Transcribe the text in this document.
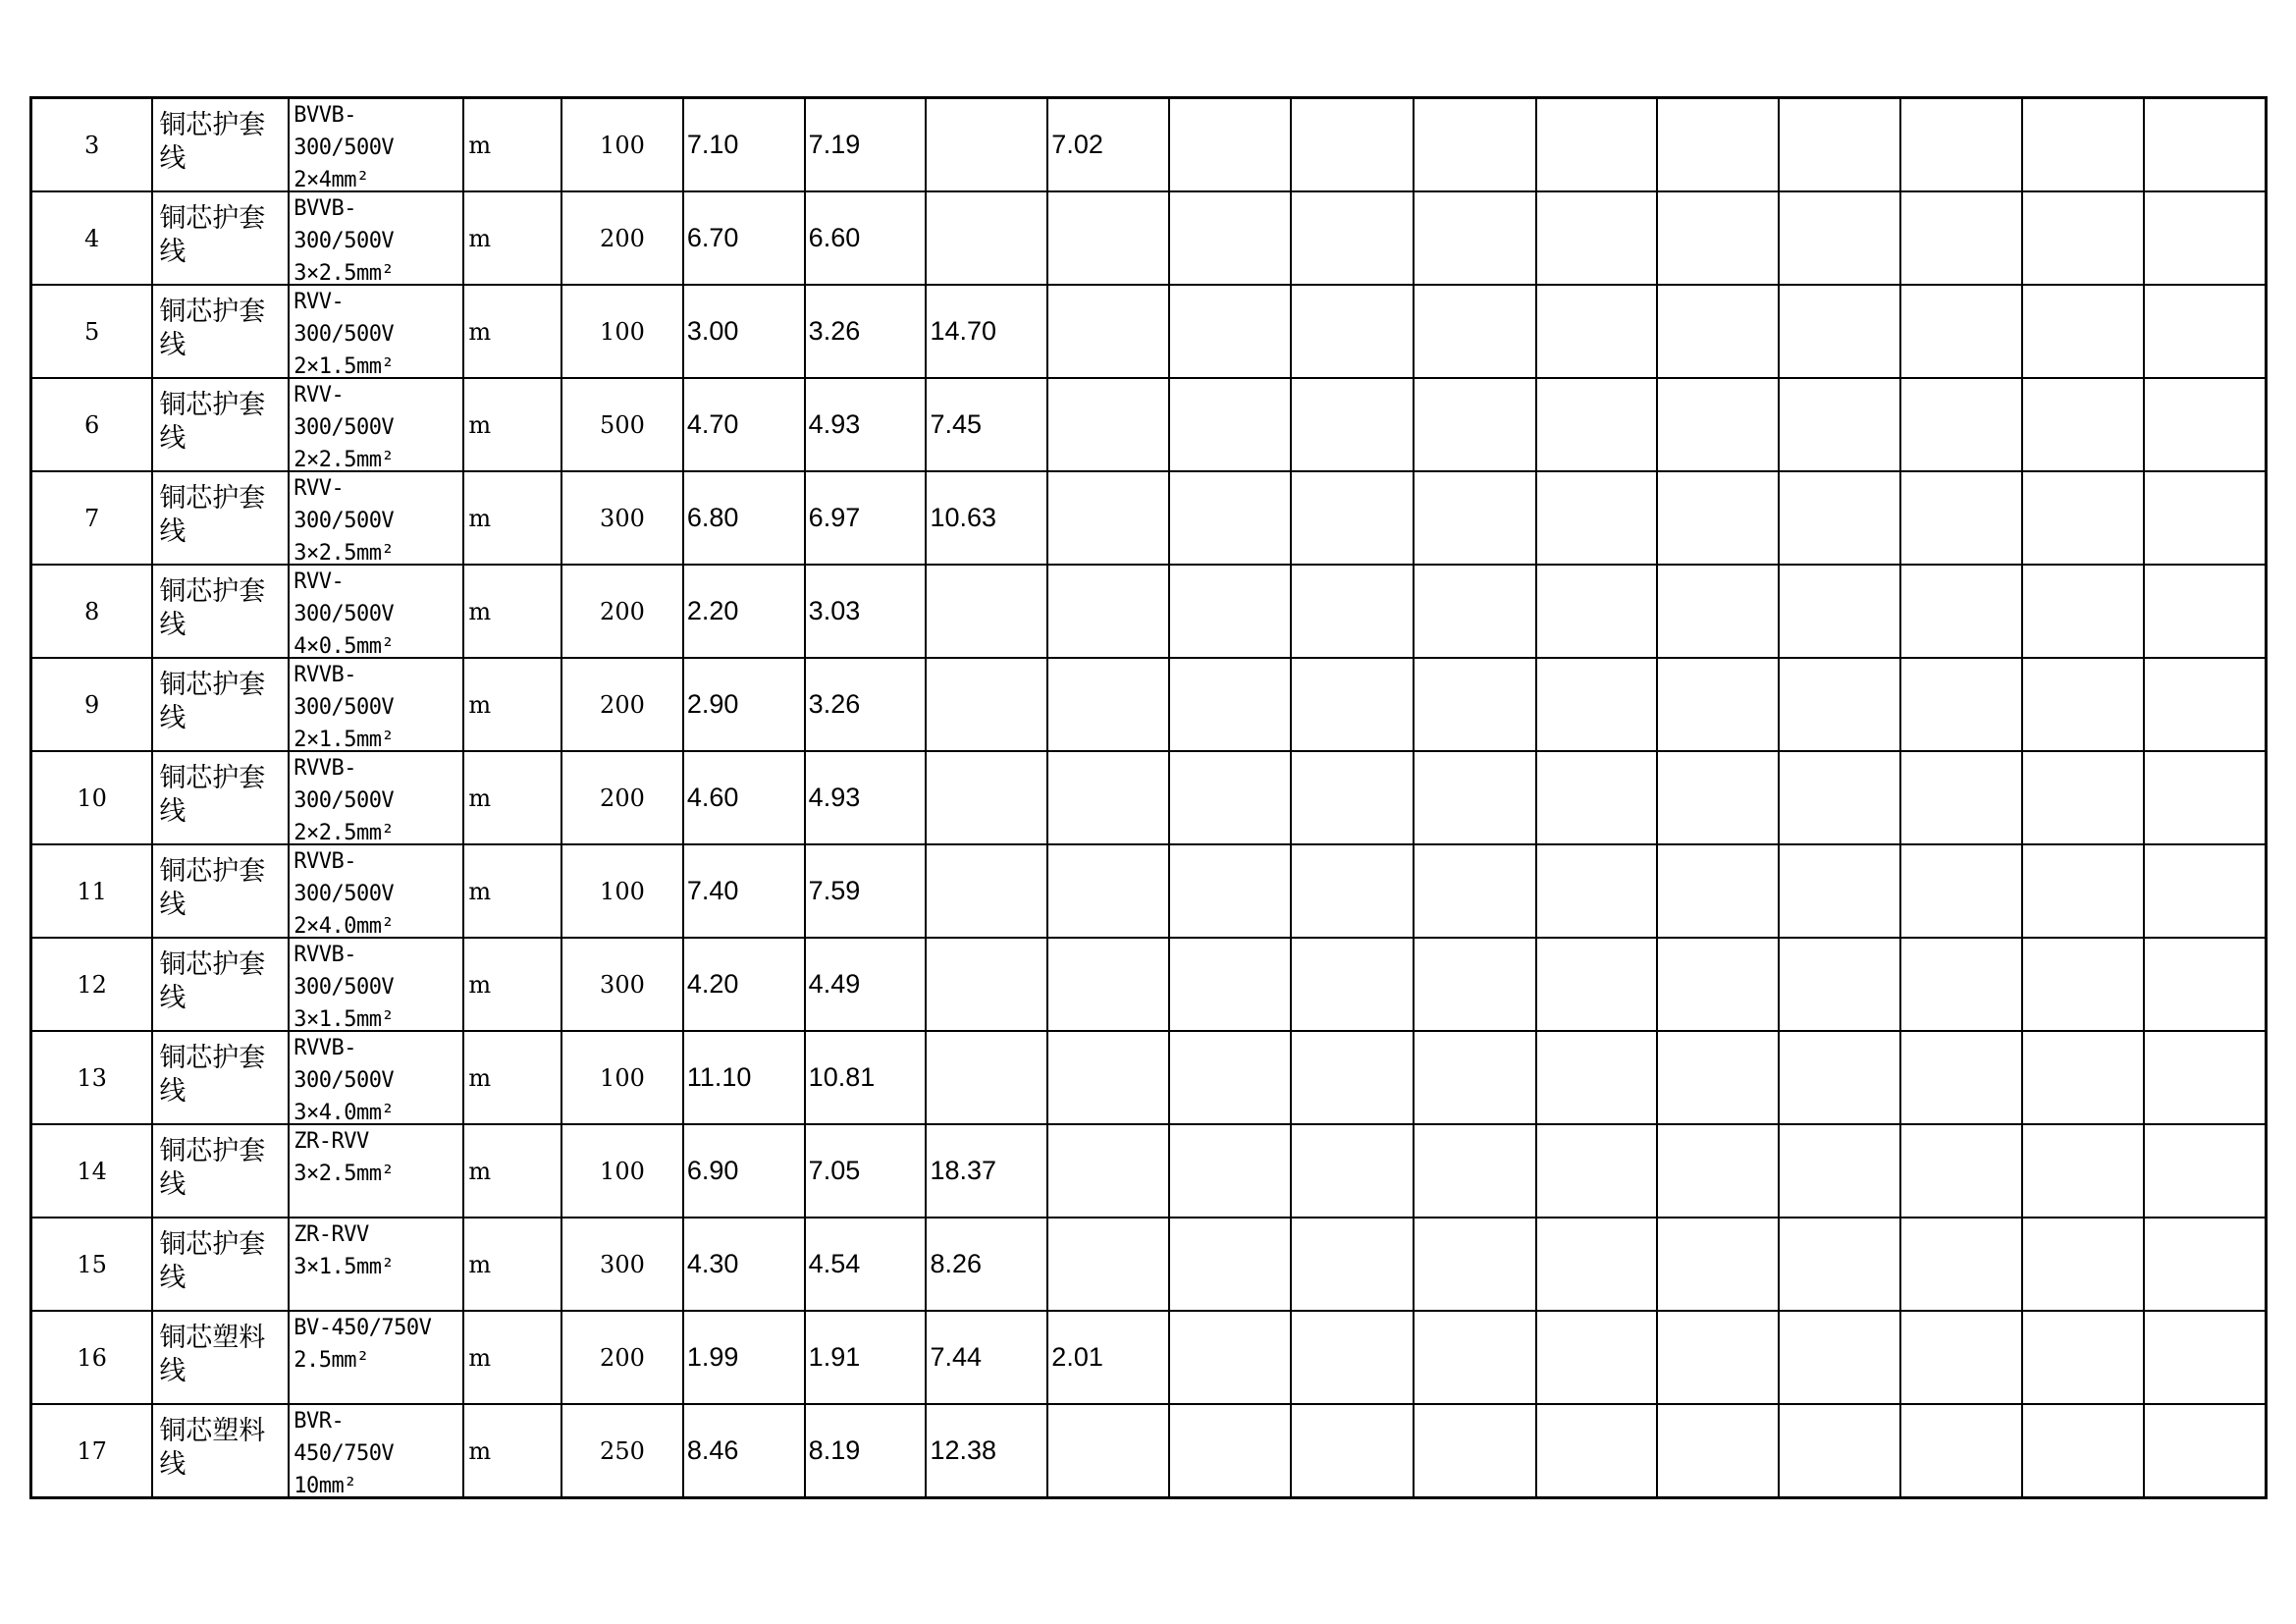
3	铜芯护套线	BVVB-
300/500V
2×4mm²	m	100	7.10	7.19		7.02									
4	铜芯护套线	BVVB-
300/500V
3×2.5mm²	m	200	6.70	6.60											
5	铜芯护套线	RVV-
300/500V
2×1.5mm²	m	100	3.00	3.26	14.70										
6	铜芯护套线	RVV-
300/500V
2×2.5mm²	m	500	4.70	4.93	7.45										
7	铜芯护套线	RVV-
300/500V
3×2.5mm²	m	300	6.80	6.97	10.63										
8	铜芯护套线	RVV-
300/500V
4×0.5mm²	m	200	2.20	3.03											
9	铜芯护套线	RVVB-
300/500V
2×1.5mm²	m	200	2.90	3.26											
10	铜芯护套线	RVVB-
300/500V
2×2.5mm²	m	200	4.60	4.93											
11	铜芯护套线	RVVB-
300/500V
2×4.0mm²	m	100	7.40	7.59											
12	铜芯护套线	RVVB-
300/500V
3×1.5mm²	m	300	4.20	4.49											
13	铜芯护套线	RVVB-
300/500V
3×4.0mm²	m	100	11.10	10.81											
14	铜芯护套线	ZR-RVV
3×2.5mm²	m	100	6.90	7.05	18.37										
15	铜芯护套线	ZR-RVV
3×1.5mm²	m	300	4.30	4.54	8.26										
16	铜芯塑料线	BV-450/750V
2.5mm²	m	200	1.99	1.91	7.44	2.01									
17	铜芯塑料线	BVR-
450/750V
10mm²	m	250	8.46	8.19	12.38										
